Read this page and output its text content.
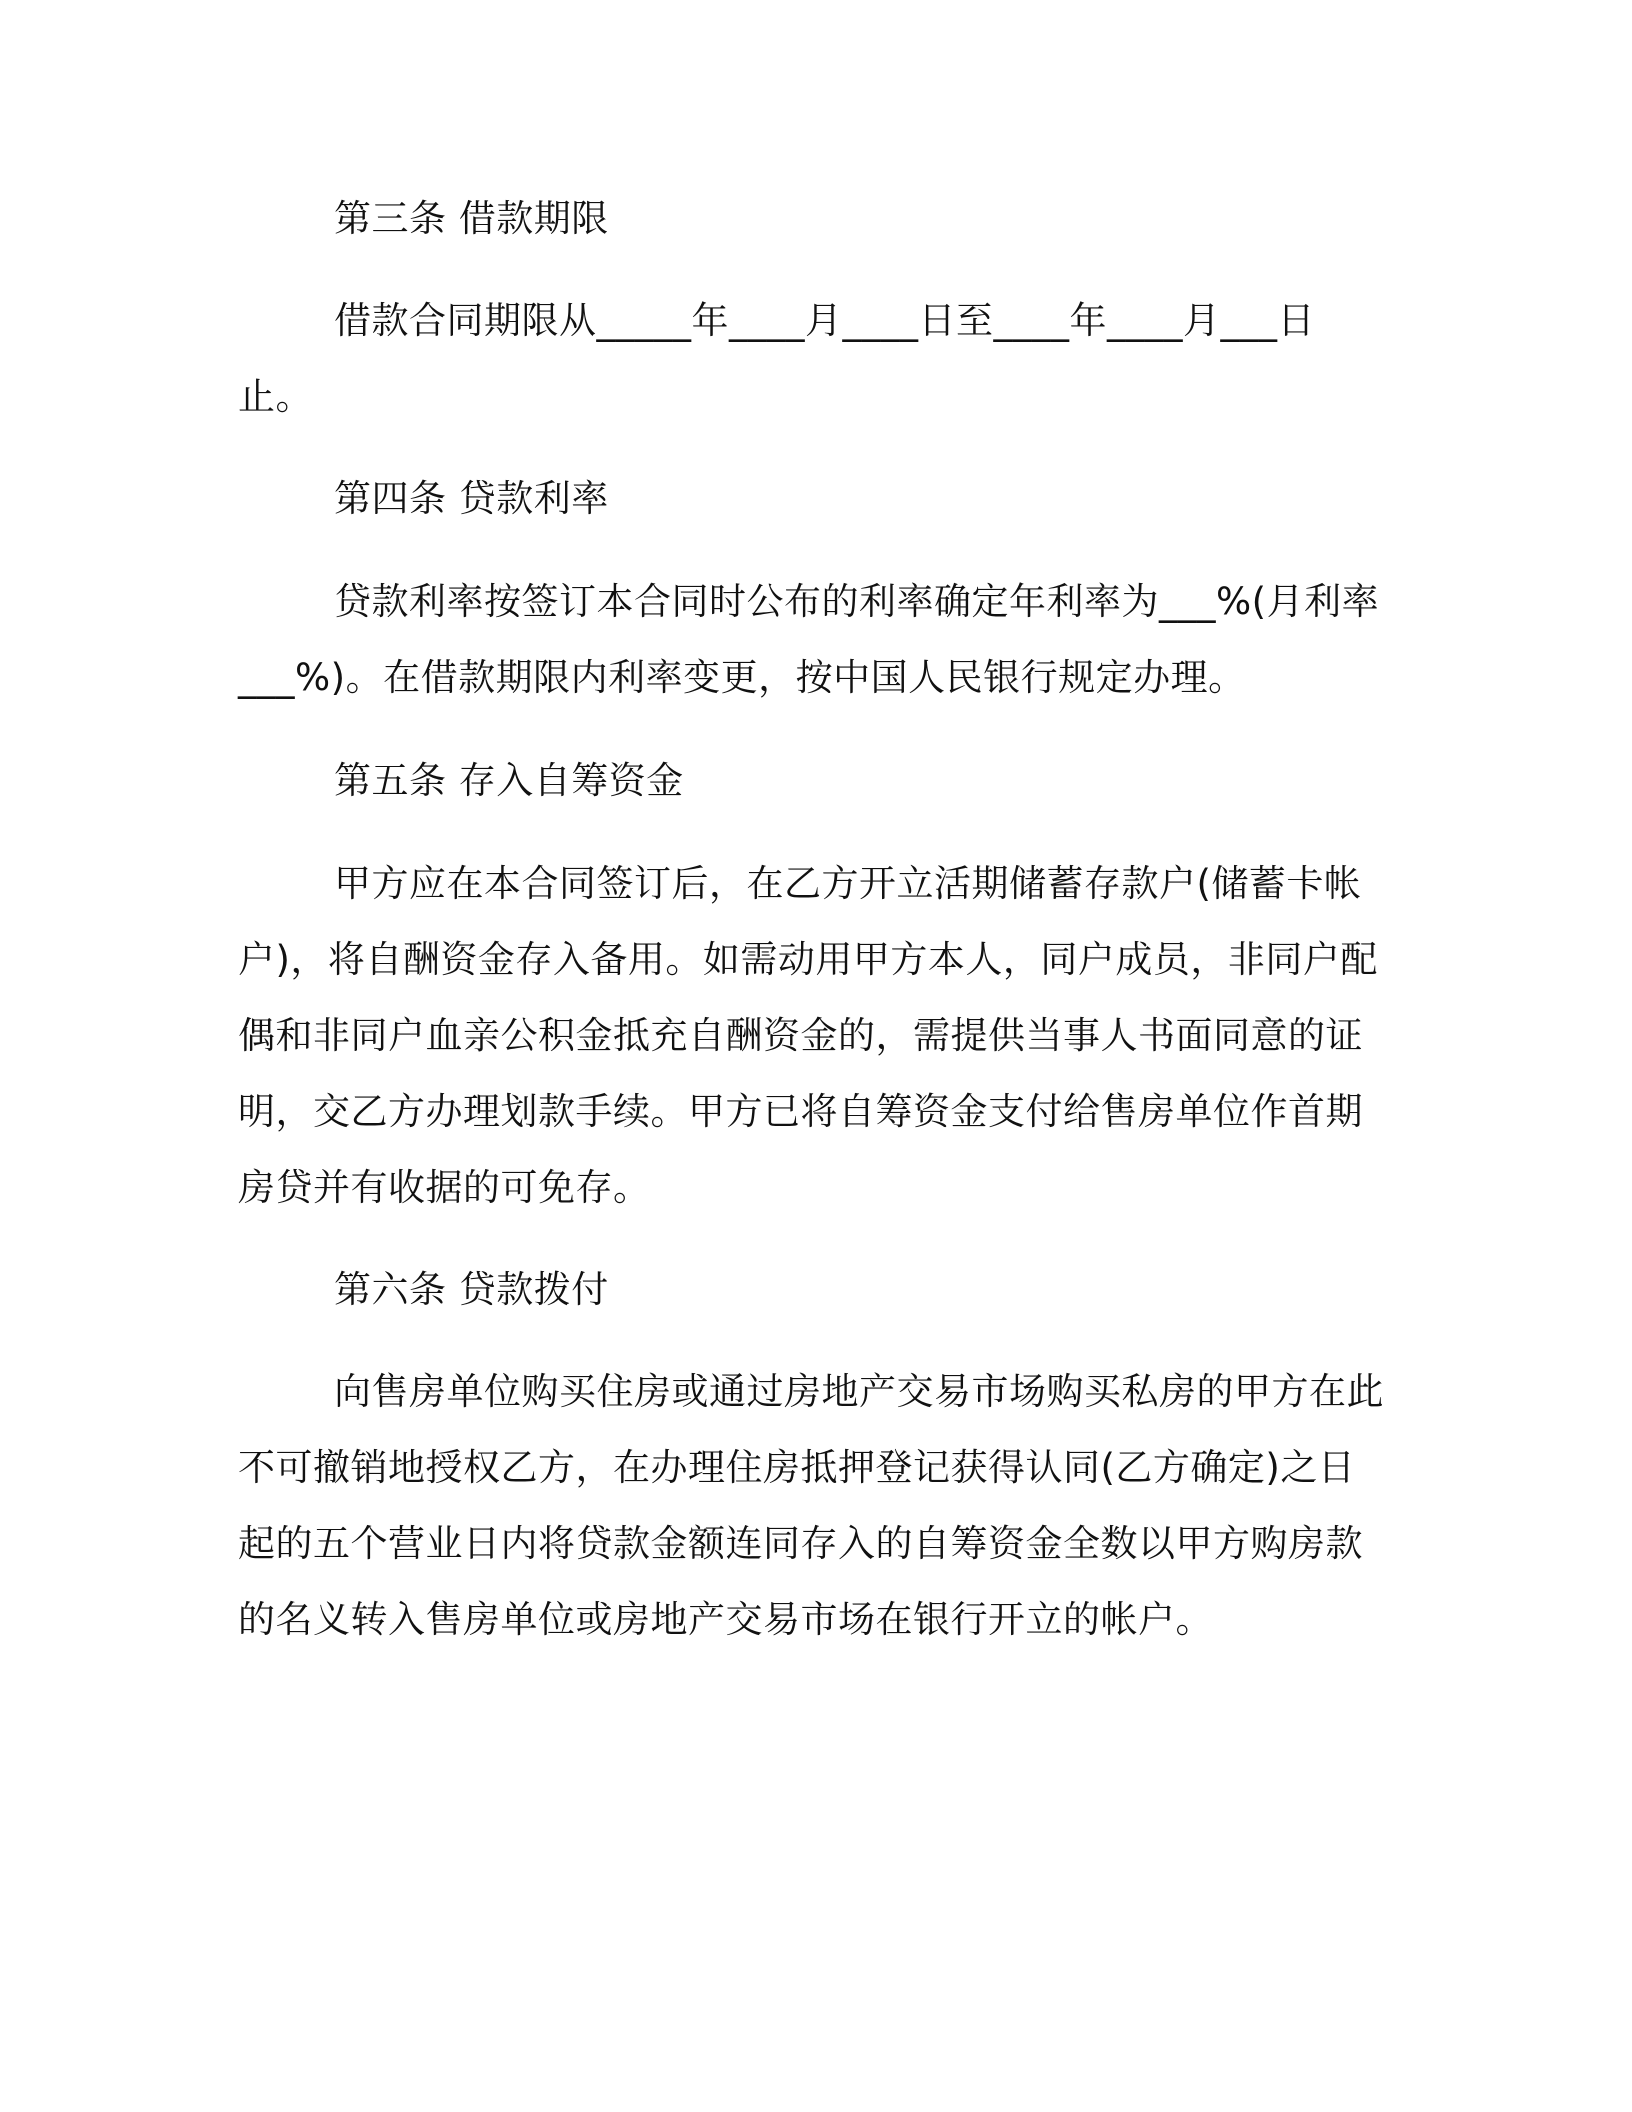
第三条 借款期限
借款合同期限从_____年____月____日至____年____月___日止。
第四条 贷款利率
贷款利率按签订本合同时公布的利率确定年利率为___%(月利率___%)。在借款期限内利率变更，按中国人民银行规定办理。
第五条 存入自筹资金
甲方应在本合同签订后，在乙方开立活期储蓄存款户(储蓄卡帐户)，将自酬资金存入备用。如需动用甲方本人，同户成员，非同户配偶和非同户血亲公积金抵充自酬资金的，需提供当事人书面同意的证明，交乙方办理划款手续。甲方已将自筹资金支付给售房单位作首期房贷并有收据的可免存。
第六条 贷款拨付
向售房单位购买住房或通过房地产交易市场购买私房的甲方在此不可撤销地授权乙方，在办理住房抵押登记获得认同(乙方确定)之日起的五个营业日内将贷款金额连同存入的自筹资金全数以甲方购房款的名义转入售房单位或房地产交易市场在银行开立的帐户。
